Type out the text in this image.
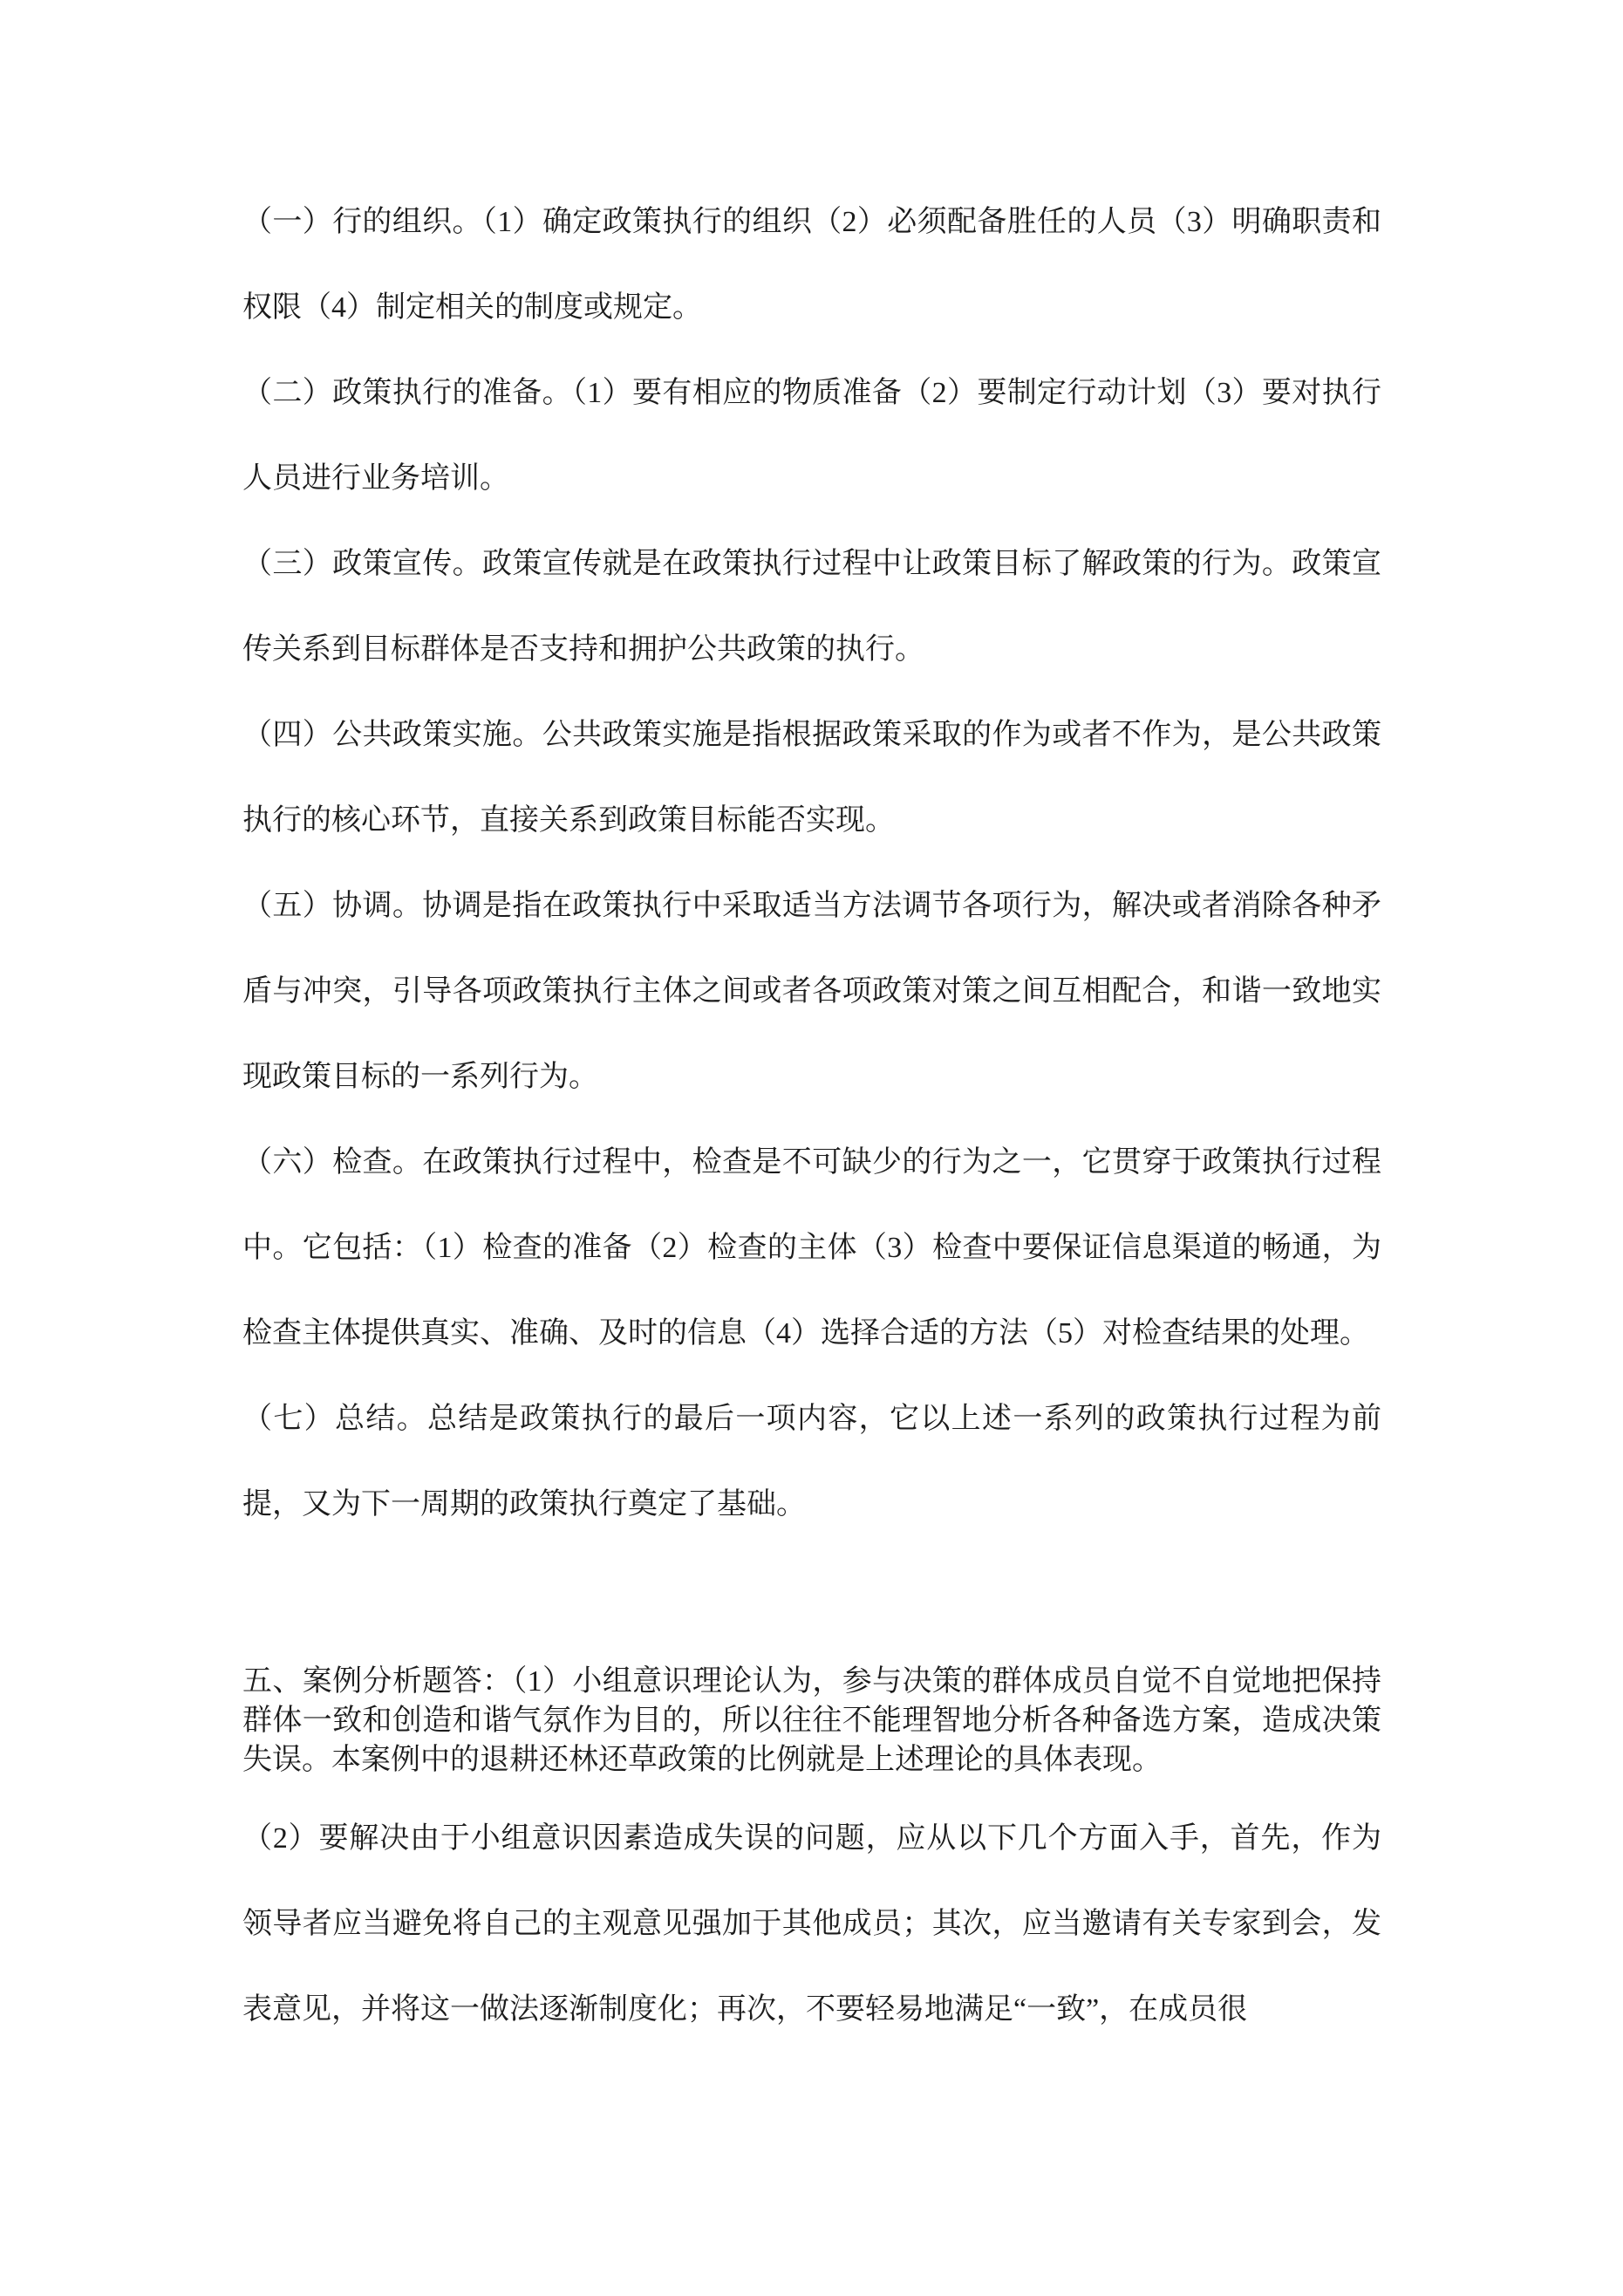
（一）行的组织。（1）确定政策执行的组织（2）必须配备胜任的人员（3）明确职责和权限（4）制定相关的制度或规定。

（二）政策执行的准备。（1）要有相应的物质准备（2）要制定行动计划（3）要对执行人员进行业务培训。

（三）政策宣传。政策宣传就是在政策执行过程中让政策目标了解政策的行为。政策宣传关系到目标群体是否支持和拥护公共政策的执行。

（四）公共政策实施。公共政策实施是指根据政策采取的作为或者不作为，是公共政策执行的核心环节，直接关系到政策目标能否实现。

（五）协调。协调是指在政策执行中采取适当方法调节各项行为，解决或者消除各种矛盾与冲突，引导各项政策执行主体之间或者各项政策对策之间互相配合，和谐一致地实现政策目标的一系列行为。

（六）检查。在政策执行过程中，检查是不可缺少的行为之一，它贯穿于政策执行过程中。它包括：（1）检查的准备（2）检查的主体（3）检查中要保证信息渠道的畅通，为检查主体提供真实、准确、及时的信息（4）选择合适的方法（5）对检查结果的处理。

（七）总结。总结是政策执行的最后一项内容，它以上述一系列的政策执行过程为前提，又为下一周期的政策执行奠定了基础。

五、案例分析题答：（1）小组意识理论认为，参与决策的群体成员自觉不自觉地把保持群体一致和创造和谐气氛作为目的，所以往往不能理智地分析各种备选方案，造成决策失误。本案例中的退耕还林还草政策的比例就是上述理论的具体表现。

（2）要解决由于小组意识因素造成失误的问题，应从以下几个方面入手，首先，作为领导者应当避免将自己的主观意见强加于其他成员；其次，应当邀请有关专家到会，发表意见，并将这一做法逐渐制度化；再次，不要轻易地满足“一致”，在成员很
